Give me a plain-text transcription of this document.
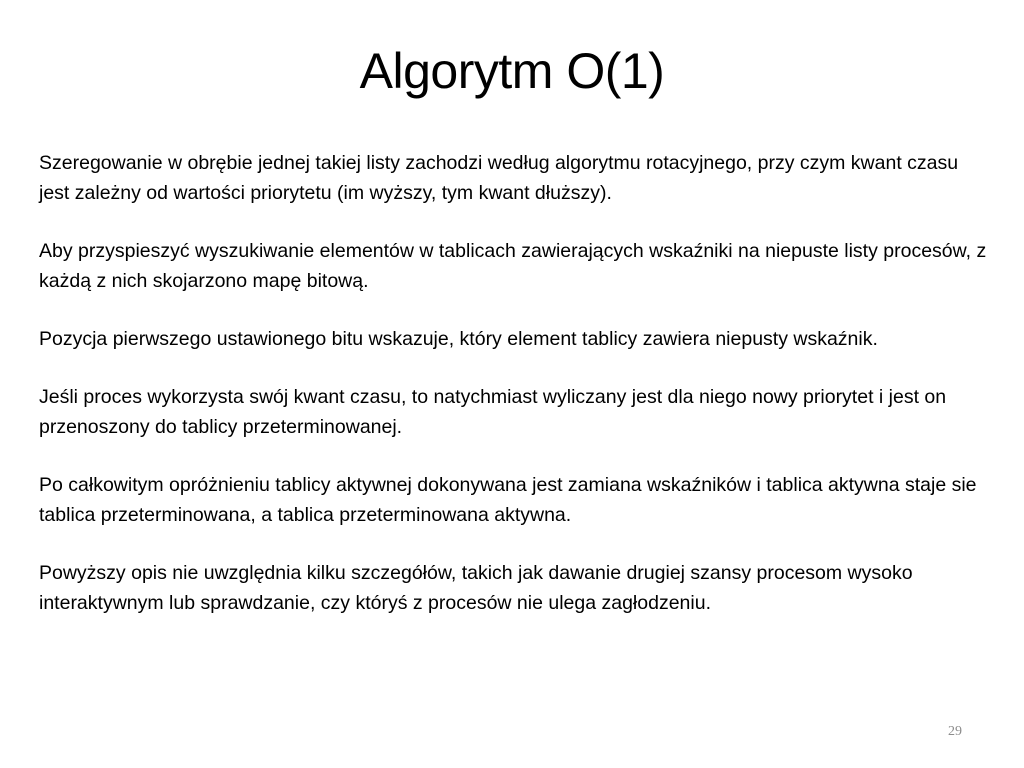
Algorytm O(1)

Szeregowanie w obrębie jednej takiej listy zachodzi według algorytmu rotacyjnego, przy czym kwant czasu jest zależny od wartości priorytetu (im wyższy, tym kwant dłuższy).

Aby przyspieszyć wyszukiwanie elementów w tablicach zawierających wskaźniki na niepuste listy procesów, z każdą z nich skojarzono mapę bitową.

Pozycja pierwszego ustawionego bitu wskazuje, który element tablicy zawiera niepusty wskaźnik.

Jeśli proces wykorzysta swój kwant czasu, to natychmiast wyliczany jest dla niego nowy priorytet i jest on przenoszony do tablicy przeterminowanej.

Po całkowitym opróżnieniu tablicy aktywnej dokonywana jest zamiana wskaźników i tablica aktywna staje sie tablica przeterminowana, a tablica przeterminowana aktywna.

Powyższy opis nie uwzględnia kilku szczegółów, takich jak dawanie drugiej szansy procesom wysoko interaktywnym lub sprawdzanie, czy któryś z procesów nie ulega zagłodzeniu.

29
